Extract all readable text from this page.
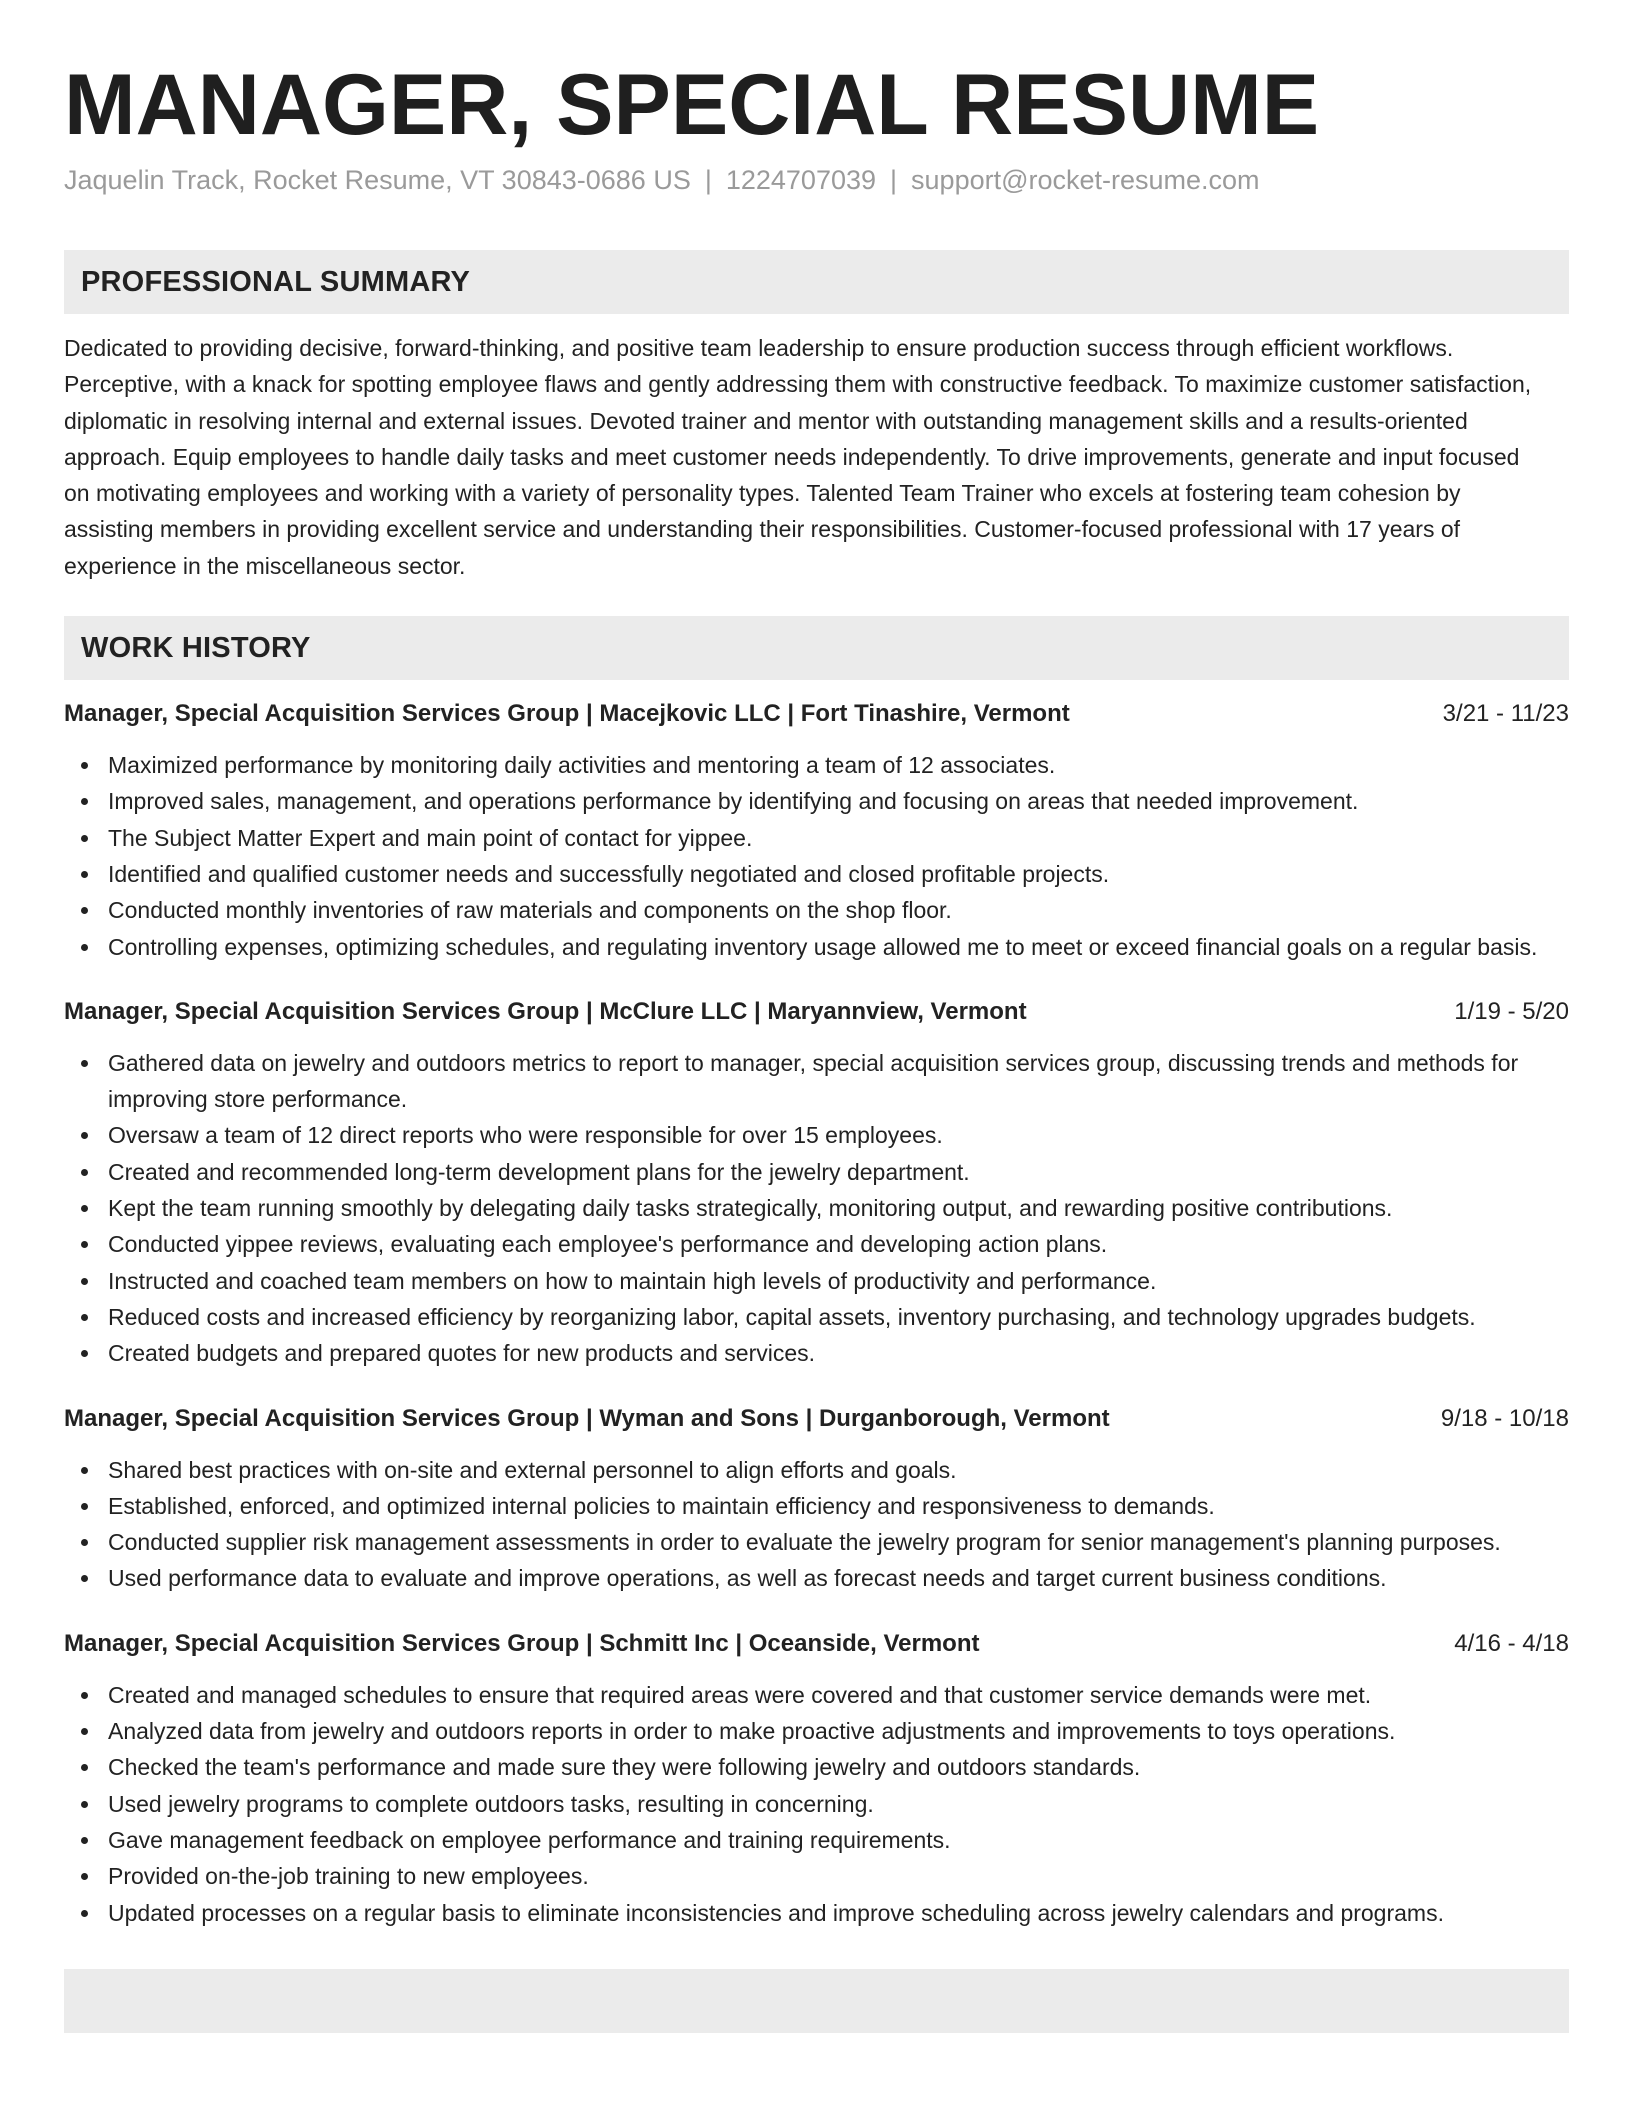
MANAGER, SPECIAL RESUME
Jaquelin Track, Rocket Resume, VT 30843-0686 US | 1224707039 | support@rocket-resume.com
PROFESSIONAL SUMMARY

Dedicated to providing decisive, forward-thinking, and positive team leadership to ensure production success through efficient workflows. Perceptive, with a knack for spotting employee flaws and gently addressing them with constructive feedback. To maximize customer satisfaction, diplomatic in resolving internal and external issues. Devoted trainer and mentor with outstanding management skills and a results-oriented approach. Equip employees to handle daily tasks and meet customer needs independently. To drive improvements, generate and input focused on motivating employees and working with a variety of personality types. Talented Team Trainer who excels at fostering team cohesion by assisting members in providing excellent service and understanding their responsibilities. Customer-focused professional with 17 years of experience in the miscellaneous sector.

WORK HISTORY
Manager, Special Acquisition Services Group | Macejkovic LLC | Fort Tinashire, Vermont	3/21 - 11/23
Maximized performance by monitoring daily activities and mentoring a team of 12 associates.
Improved sales, management, and operations performance by identifying and focusing on areas that needed improvement.
The Subject Matter Expert and main point of contact for yippee.
Identified and qualified customer needs and successfully negotiated and closed profitable projects.
Conducted monthly inventories of raw materials and components on the shop floor.
Controlling expenses, optimizing schedules, and regulating inventory usage allowed me to meet or exceed financial goals on a regular basis.
Manager, Special Acquisition Services Group | McClure LLC | Maryannview, Vermont	1/19 - 5/20
Gathered data on jewelry and outdoors metrics to report to manager, special acquisition services group, discussing trends and methods for improving store performance.
Oversaw a team of 12 direct reports who were responsible for over 15 employees.
Created and recommended long-term development plans for the jewelry department.
Kept the team running smoothly by delegating daily tasks strategically, monitoring output, and rewarding positive contributions.
Conducted yippee reviews, evaluating each employee's performance and developing action plans.
Instructed and coached team members on how to maintain high levels of productivity and performance.
Reduced costs and increased efficiency by reorganizing labor, capital assets, inventory purchasing, and technology upgrades budgets.
Created budgets and prepared quotes for new products and services.
Manager, Special Acquisition Services Group | Wyman and Sons | Durganborough, Vermont	9/18 - 10/18
Shared best practices with on-site and external personnel to align efforts and goals.
Established, enforced, and optimized internal policies to maintain efficiency and responsiveness to demands.
Conducted supplier risk management assessments in order to evaluate the jewelry program for senior management's planning purposes.
Used performance data to evaluate and improve operations, as well as forecast needs and target current business conditions.
Manager, Special Acquisition Services Group | Schmitt Inc | Oceanside, Vermont	4/16 - 4/18
Created and managed schedules to ensure that required areas were covered and that customer service demands were met.
Analyzed data from jewelry and outdoors reports in order to make proactive adjustments and improvements to toys operations.
Checked the team's performance and made sure they were following jewelry and outdoors standards.
Used jewelry programs to complete outdoors tasks, resulting in concerning.
Gave management feedback on employee performance and training requirements.
Provided on-the-job training to new employees.
Updated processes on a regular basis to eliminate inconsistencies and improve scheduling across jewelry calendars and programs.
